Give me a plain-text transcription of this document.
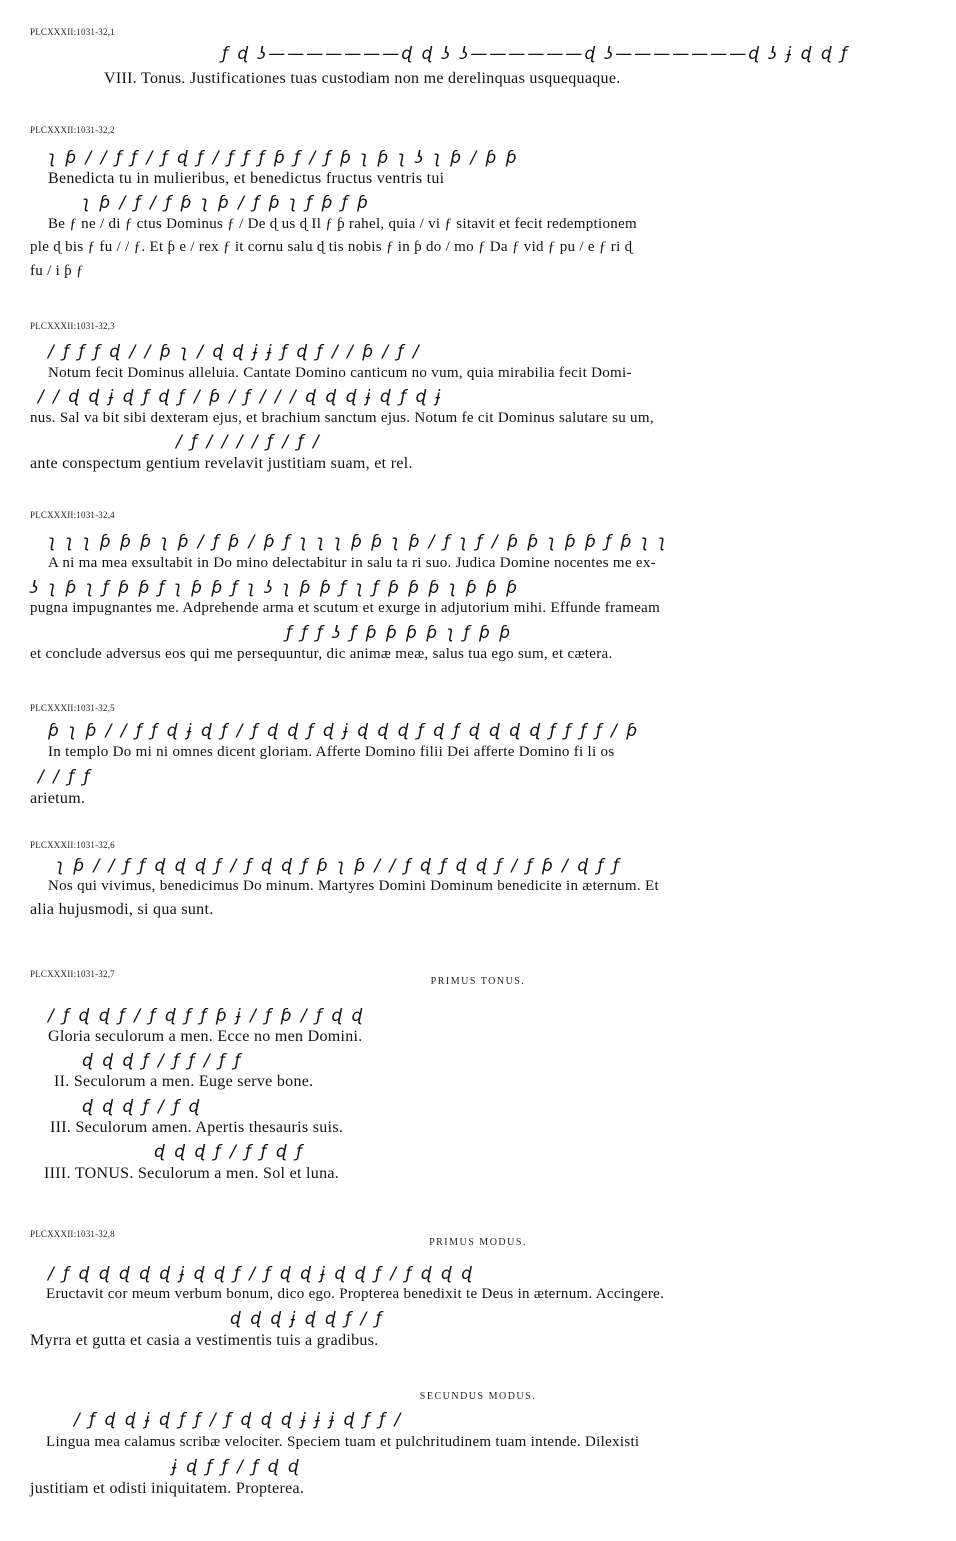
PLCXXXII:1031-32,1
ƒ ɖ ʖ———————ɖ ɖ ʖ ʖ——————ɖ ʖ———————ɖ ʖ ɉ ɖ ɖ ƒ
VIII. Tonus. Justificationes tuas custodiam non me derelinquas usquequaque.
PLCXXXII:1031-32,2
ʅ ƥ / / ƒ ƒ / ƒ ɖ ƒ / ƒ ƒ ƒ ƥ ƒ / ƒ ƥ ʅ ƥ ʅ ʖ ʅ ƥ / ƥ ƥ
Benedicta tu in mulieribus, et benedictus fructus ventris tui
ʅ ƥ / ƒ / ƒ ƥ ʅ ƥ / ƒ ƥ ʅ ƒ ƥ ƒ ƥ
Be ƒ ne / di ƒ ctus Dominus ƒ / De ɖ us ɖ Il ƒ ƥ rahel, quia / vi ƒ sitavit et fecit redemptionem
ple ɖ bis ƒ fu / / ƒ. Et ƥ e / rex ƒ it cornu salu ɖ tis nobis ƒ in ƥ do / mo ƒ Da ƒ vid ƒ pu / e ƒ ri ɖ
fu / i ƥ ƒ
PLCXXXII:1031-32,3
/ ƒ ƒ ƒ ɖ / / ƥ ʅ / ɖ ɖ ɉ ɉ ƒ ɖ ƒ / / ƥ / ƒ /
Notum fecit Dominus alleluia. Cantate Domino canticum no vum, quia mirabilia fecit Domi-
/ / ɖ ɖ ɉ ɖ ƒ ɖ ƒ / ƥ / ƒ / / / ɖ ɖ ɖ ɉ ɖ ƒ ɖ ɉ
nus. Sal va bit sibi dexteram ejus, et brachium sanctum ejus. Notum fe cit Dominus salutare su um,
/ ƒ / / / / ƒ / ƒ /
ante conspectum gentium revelavit justitiam suam, et rel.
PLCXXXII:1031-32,4
ʅ ʅ ʅ ƥ ƥ ƥ ʅ ƥ / ƒ ƥ / ƥ ƒ ʅ ʅ ʅ ƥ ƥ ʅ ƥ / ƒ ʅ ƒ / ƥ ƥ ʅ ƥ ƥ ƒ ƥ ʅ ʅ
A ni ma mea exsultabit in Do mino delectabitur in salu ta ri suo. Judica Domine nocentes me ex-
ʖ ʅ ƥ ʅ ƒ ƥ ƥ ƒ ʅ ƥ ƥ ƒ ʅ ʖ ʅ ƥ ƥ ƒ ʅ ƒ ƥ ƥ ƥ ʅ ƥ ƥ ƥ
pugna impugnantes me. Adprehende arma et scutum et exurge in adjutorium mihi. Effunde frameam
ƒ ƒ ƒ ʖ ƒ ƥ ƥ ƥ ƥ ʅ ƒ ƥ ƥ
et conclude adversus eos qui me persequuntur, dic animæ meæ, salus tua ego sum, et cætera.
PLCXXXII:1031-32,5
ƥ ʅ ƥ / / ƒ ƒ ɖ ɉ ɖ ƒ / ƒ ɖ ɖ ƒ ɖ ɉ ɖ ɖ ɖ ƒ ɖ ƒ ɖ ɖ ɖ ɖ ƒ ƒ ƒ ƒ / ƥ
In templo Do mi ni omnes dicent gloriam. Afferte Domino filii Dei afferte Domino fi li os
/ / ƒ ƒ
arietum.
PLCXXXII:1031-32,6
ʅ ƥ / / ƒ ƒ ɖ ɖ ɖ ƒ / ƒ ɖ ɖ ƒ ƥ ʅ ƥ / / ƒ ɖ ƒ ɖ ɖ ƒ / ƒ ƥ / ɖ ƒ ƒ
Nos qui vivimus, benedicimus Do minum. Martyres Domini Dominum benedicite in æternum. Et
alia hujusmodi, si qua sunt.
PLCXXXII:1031-32,7
PRIMUS TONUS.
/ ƒ ɖ ɖ ƒ / ƒ ɖ ƒ ƒ ƥ ɉ / ƒ ƥ / ƒ ɖ ɖ
Gloria seculorum a men. Ecce no men Domini.
ɖ ɖ ɖ ƒ / ƒ ƒ / ƒ ƒ
II. Seculorum a men. Euge serve bone.
ɖ ɖ ɖ ƒ / ƒ ɖ
III. Seculorum amen. Apertis thesauris suis.
ɖ ɖ ɖ ƒ / ƒ ƒ ɖ ƒ
IIII. TONUS. Seculorum a men. Sol et luna.
PLCXXXII:1031-32,8
PRIMUS MODUS.
/ ƒ ɖ ɖ ɖ ɖ ɖ ɉ ɖ ɖ ƒ / ƒ ɖ ɖ ɉ ɖ ɖ ƒ / ƒ ɖ ɖ ɖ
Eructavit cor meum verbum bonum, dico ego. Propterea benedixit te Deus in æternum. Accingere.
ɖ ɖ ɖ ɉ ɖ ɖ ƒ / ƒ
Myrra et gutta et casia a vestimentis tuis a gradibus.
SECUNDUS MODUS.
/ ƒ ɖ ɖ ɉ ɖ ƒ ƒ / ƒ ɖ ɖ ɖ ɉ ɉ ɉ ɖ ƒ ƒ /
Lingua mea calamus scribæ velociter. Speciem tuam et pulchritudinem tuam intende. Dilexisti
ɉ ɖ ƒ ƒ / ƒ ɖ ɖ
justitiam et odisti iniquitatem. Propterea.
